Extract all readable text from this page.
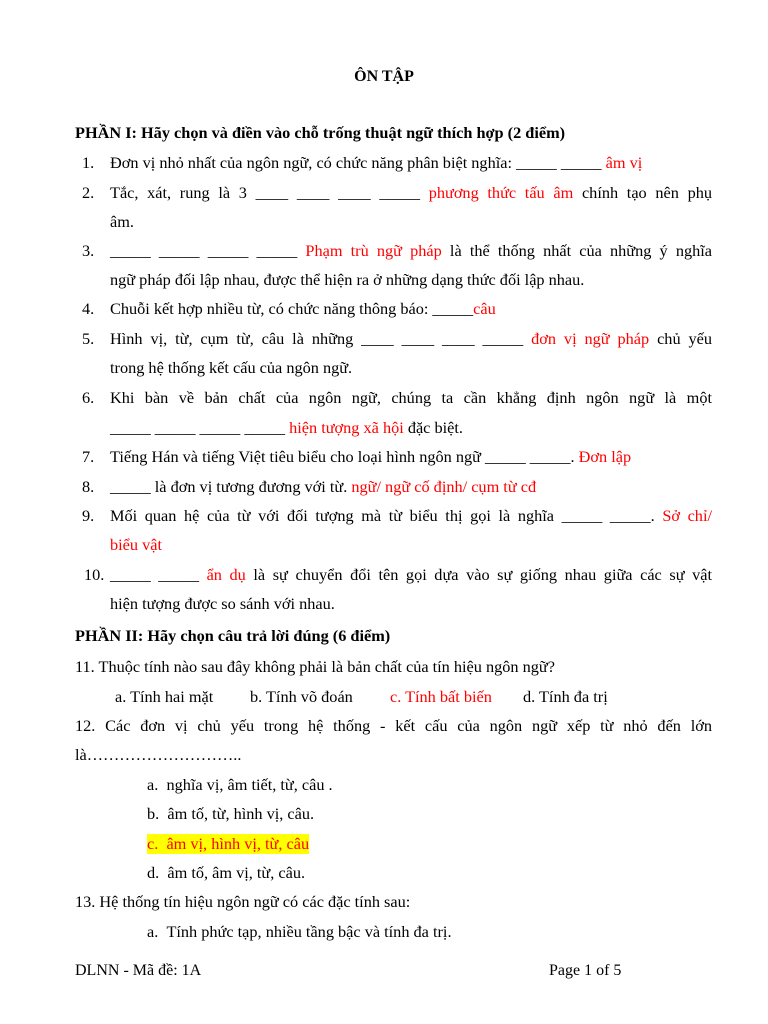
ÔN TẬP
PHẦN I: Hãy chọn và điền vào chỗ trống thuật ngữ thích hợp (2 điểm)
1. Đơn vị nhỏ nhất của ngôn ngữ, có chức năng phân biệt nghĩa: _____ _____ âm vị
2. Tắc, xát, rung là 3 ____ ____ ____ _____ phương thức tấu âm chính tạo nên phụ
âm.
3. _____ _____ _____ _____ Phạm trù ngữ pháp là thể thống nhất của những ý nghĩa
ngữ pháp đối lập nhau, được thể hiện ra ở những dạng thức đối lập nhau.
4. Chuỗi kết hợp nhiều từ, có chức năng thông báo: _____câu
5. Hình vị, từ, cụm từ, câu là những ____ ____ ____ _____ đơn vị ngữ pháp chủ yếu
trong hệ thống kết cấu của ngôn ngữ.
6. Khi bàn về bản chất của ngôn ngữ, chúng ta cần khẳng định ngôn ngữ là một
_____ _____ _____ _____ hiện tượng xã hội đặc biệt.
7. Tiếng Hán và tiếng Việt tiêu biểu cho loại hình ngôn ngữ _____ _____. Đơn lập
8. _____ là đơn vị tương đương với từ. ngữ/ ngữ cố định/ cụm từ cđ
9. Mối quan hệ của từ với đối tượng mà từ biểu thị gọi là nghĩa _____ _____. Sở chỉ/
biểu vật
10. _____ _____ ẩn dụ là sự chuyển đổi tên gọi dựa vào sự giống nhau giữa các sự vật
hiện tượng được so sánh với nhau.
PHẦN II: Hãy chọn câu trả lời đúng (6 điểm)
11. Thuộc tính nào sau đây không phải là bản chất của tín hiệu ngôn ngữ?
a. Tính hai mặt b. Tính võ đoán c. Tính bất biến d. Tính đa trị
12. Các đơn vị chủ yếu trong hệ thống - kết cấu của ngôn ngữ xếp từ nhỏ đến lớn
là………………………..
a. nghĩa vị, âm tiết, từ, câu .
b. âm tố, từ, hình vị, câu.
c. âm vị, hình vị, từ, câu
d. âm tố, âm vị, từ, câu.
13. Hệ thống tín hiệu ngôn ngữ có các đặc tính sau:
a. Tính phức tạp, nhiều tầng bậc và tính đa trị.
DLNN - Mã đề: 1A	Page 1 of 5
